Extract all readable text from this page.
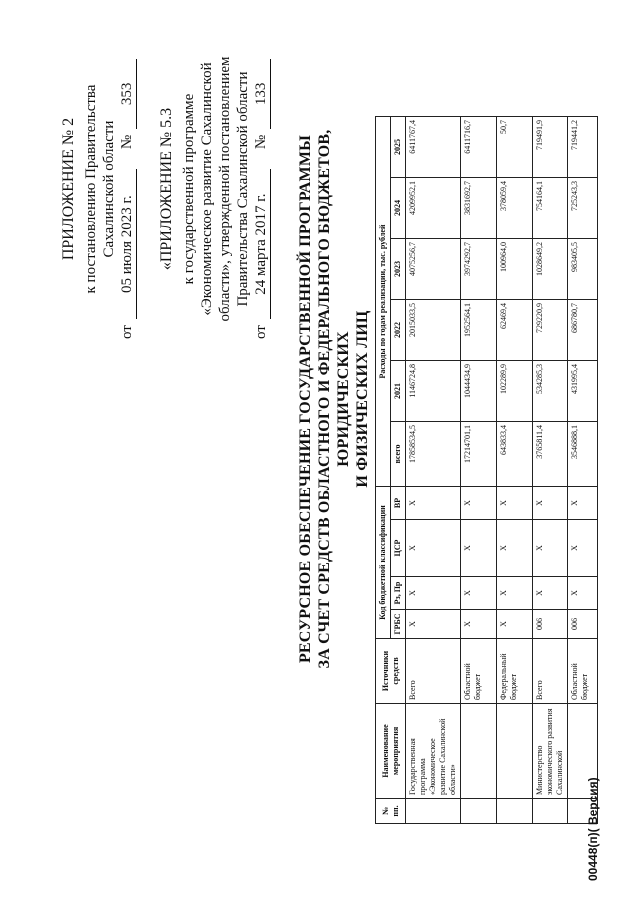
ПРИЛОЖЕНИЕ № 2 к постановлению Правительства Сахалинской области
от
05 июля 2023 г.
№
353
«ПРИЛОЖЕНИЕ № 5.3 к государственной программе «Экономическое развитие Сахалинской области», утвержденной постановлением Правительства Сахалинской области
от
24 марта 2017 г.
№
133
РЕСУРСНОЕ ОБЕСПЕЧЕНИЕ ГОСУДАРСТВЕННОЙ ПРОГРАММЫ ЗА СЧЕТ СРЕДСТВ ОБЛАСТНОГО И ФЕДЕРАЛЬНОГО БЮДЖЕТОВ, ЮРИДИЧЕСКИХ И ФИЗИЧЕСКИХ ЛИЦ
№ пп.	Наименование мероприятия	Источники средств	Код бюджетной классификации				Расходы по годам реализации, тыс. рублей					
			ГРБС	Рз, Пр	ЦСР	ВР	всего	2021	2022	2023	2024	2025
	Государственная программа «Экономическое развитие Сахалинской области»	Всего	X	X	X	X	17858534,5	1146724,8	2015033,5	4075256,7	4209952,1	6411767,4
		Областной бюджет	X	X	X	X	17214701,1	1044434,9	1952564,1	3974292,7	3831692,7	6411716,7
		Федеральный бюджет	X	X	X	X	643833,4	102289,9	62469,4	100964,0	378059,4	50,7
	Министерство экономического развития Сахалинской	Всего	006	X	X	X	3765811,4	534285,3	729220,9	1028649,2	754164,1	719491,9
		Областной бюджет	006	X	X	X	3546888,1	431995,4	686780,7	983405,5	725243,3	719441,2
00448(п)( Версия)
